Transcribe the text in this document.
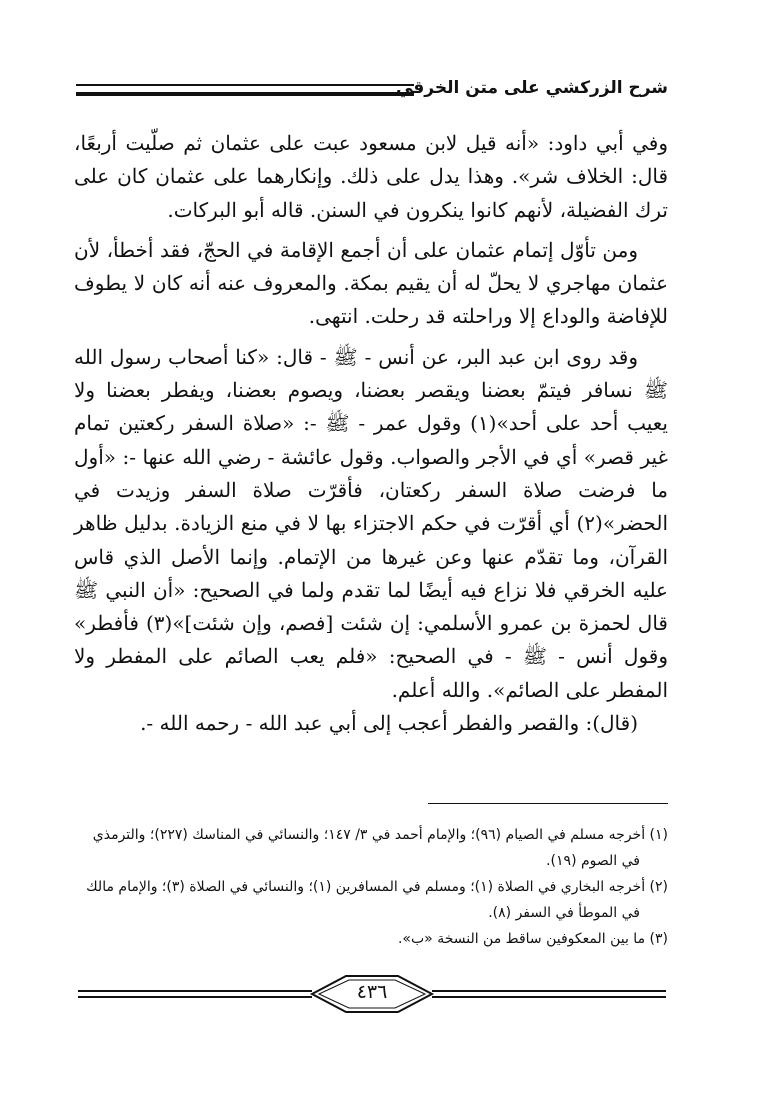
شرح الزركشي على متن الخرقي

وفي أبي داود: «أنه قيل لابن مسعود عبت على عثمان ثم صلّيت أربعًا، قال: الخلاف شر». وهذا يدل على ذلك. وإنكارهما على عثمان كان على ترك الفضيلة، لأنهم كانوا ينكرون في السنن. قاله أبو البركات.

ومن تأوّل إتمام عثمان على أن أجمع الإقامة في الحجّ، فقد أخطأ، لأن عثمان مهاجري لا يحلّ له أن يقيم بمكة. والمعروف عنه أنه كان لا يطوف للإفاضة والوداع إلا وراحلته قد رحلت. انتهى.

وقد روى ابن عبد البر، عن أنس - ﷺ - قال: «كنا أصحاب رسول الله ﷺ نسافر فيتمّ بعضنا ويقصر بعضنا، ويصوم بعضنا، ويفطر بعضنا ولا يعيب أحد على أحد»(١) وقول عمر - ﷺ -: «صلاة السفر ركعتين تمام غير قصر» أي في الأجر والصواب. وقول عائشة - رضي الله عنها -: «أول ما فرضت صلاة السفر ركعتان، فأقرّت صلاة السفر وزيدت في الحضر»(٢) أي أقرّت في حكم الاجتزاء بها لا في منع الزيادة. بدليل ظاهر القرآن، وما تقدّم عنها وعن غيرها من الإتمام. وإنما الأصل الذي قاس عليه الخرقي فلا نزاع فيه أيضًا لما تقدم ولما في الصحيح: «أن النبي ﷺ قال لحمزة بن عمرو الأسلمي: إن شئت [فصم، وإن شئت]»(٣) فأفطر» وقول أنس - ﷺ - في الصحيح: «فلم يعب الصائم على المفطر ولا المفطر على الصائم». والله أعلم.

(قال): والقصر والفطر أعجب إلى أبي عبد الله - رحمه الله -.

(١) أخرجه مسلم في الصيام (٩٦)؛ والإمام أحمد في ٣/ ١٤٧؛ والنسائي في المناسك (٢٢٧)؛ والترمذي

في الصوم (١٩).

(٢) أخرجه البخاري في الصلاة (١)؛ ومسلم في المسافرين (١)؛ والنسائي في الصلاة (٣)؛ والإمام مالك

في الموطأ في السفر (٨).

(٣) ما بين المعكوفين ساقط من النسخة «ب».

٤٣٦
